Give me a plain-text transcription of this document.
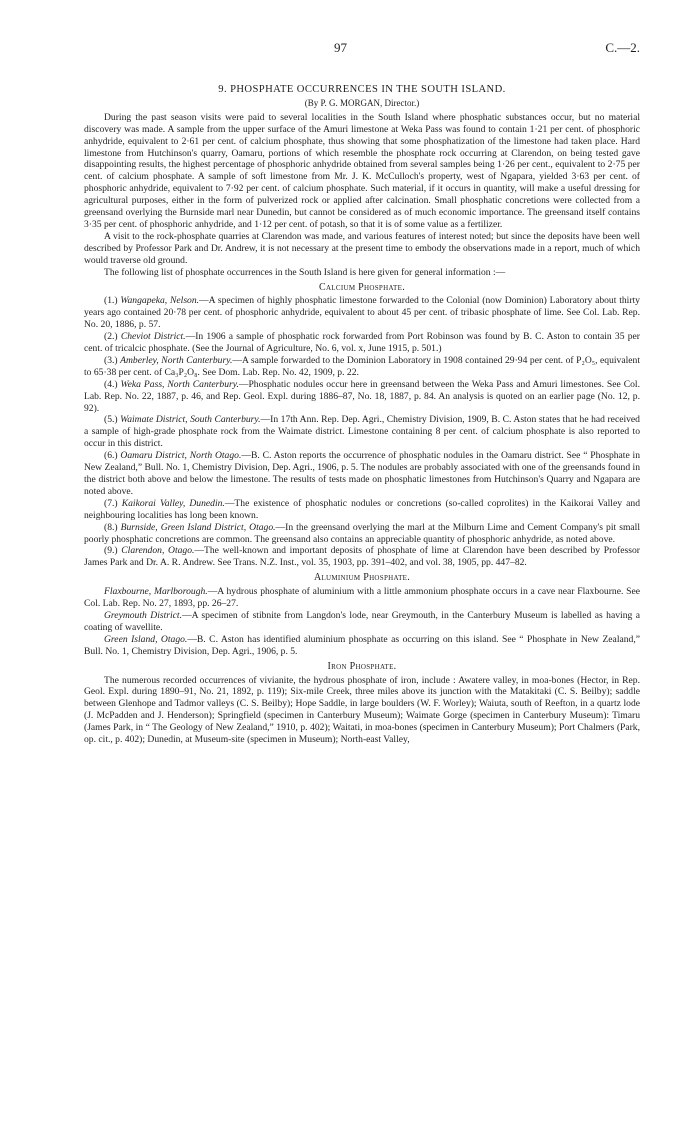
97	C.—2.
9. PHOSPHATE OCCURRENCES IN THE SOUTH ISLAND.
(By P. G. MORGAN, Director.)

During the past season visits were paid to several localities in the South Island where phosphatic substances occur, but no material discovery was made. A sample from the upper surface of the Amuri limestone at Weka Pass was found to contain 1·21 per cent. of phosphoric anhydride, equivalent to 2·61 per cent. of calcium phosphate, thus showing that some phosphatization of the limestone had taken place. Hard limestone from Hutchinson's quarry, Oamaru, portions of which resemble the phosphate rock occurring at Clarendon, on being tested gave disappointing results, the highest percentage of phosphoric anhydride obtained from several samples being 1·26 per cent., equivalent to 2·75 per cent. of calcium phosphate. A sample of soft limestone from Mr. J. K. McCulloch's property, west of Ngapara, yielded 3·63 per cent. of phosphoric anhydride, equivalent to 7·92 per cent. of calcium phosphate. Such material, if it occurs in quantity, will make a useful dressing for agricultural purposes, either in the form of pulverized rock or applied after calcination. Small phosphatic concretions were collected from a greensand overlying the Burnside marl near Dunedin, but cannot be considered as of much economic importance. The greensand itself contains 3·35 per cent. of phosphoric anhydride, and 1·12 per cent. of potash, so that it is of some value as a fertilizer.

A visit to the rock-phosphate quarries at Clarendon was made, and various features of interest noted; but since the deposits have been well described by Professor Park and Dr. Andrew, it is not necessary at the present time to embody the observations made in a report, much of which would traverse old ground.

The following list of phosphate occurrences in the South Island is here given for general information :—

Calcium Phosphate.

(1.) Wangapeka, Nelson.—A specimen of highly phosphatic limestone forwarded to the Colonial (now Dominion) Laboratory about thirty years ago contained 20·78 per cent. of phosphoric anhydride, equivalent to about 45 per cent. of tribasic phosphate of lime. See Col. Lab. Rep. No. 20, 1886, p. 57.

(2.) Cheviot District.—In 1906 a sample of phosphatic rock forwarded from Port Robinson was found by B. C. Aston to contain 35 per cent. of tricalcic phosphate. (See the Journal of Agriculture, No. 6, vol. x, June 1915, p. 501.)

(3.) Amberley, North Canterbury.—A sample forwarded to the Dominion Laboratory in 1908 contained 29·94 per cent. of P₂O₅, equivalent to 65·38 per cent. of Ca₃P₂O₈. See Dom. Lab. Rep. No. 42, 1909, p. 22.

(4.) Weka Pass, North Canterbury.—Phosphatic nodules occur here in greensand between the Weka Pass and Amuri limestones. See Col. Lab. Rep. No. 22, 1887, p. 46, and Rep. Geol. Expl. during 1886–87, No. 18, 1887, p. 84. An analysis is quoted on an earlier page (No. 12, p. 92).

(5.) Waimate District, South Canterbury.—In 17th Ann. Rep. Dep. Agri., Chemistry Division, 1909, B. C. Aston states that he had received a sample of high-grade phosphate rock from the Waimate district. Limestone containing 8 per cent. of calcium phosphate is also reported to occur in this district.

(6.) Oamaru District, North Otago.—B. C. Aston reports the occurrence of phosphatic nodules in the Oamaru district. See “ Phosphate in New Zealand,” Bull. No. 1, Chemistry Division, Dep. Agri., 1906, p. 5. The nodules are probably associated with one of the greensands found in the district both above and below the limestone. The results of tests made on phosphatic limestones from Hutchinson's Quarry and Ngapara are noted above.

(7.) Kaikorai Valley, Dunedin.—The existence of phosphatic nodules or concretions (so-called coprolites) in the Kaikorai Valley and neighbouring localities has long been known.

(8.) Burnside, Green Island District, Otago.—In the greensand overlying the marl at the Milburn Lime and Cement Company's pit small poorly phosphatic concretions are common. The greensand also contains an appreciable quantity of phosphoric anhydride, as noted above.

(9.) Clarendon, Otago.—The well-known and important deposits of phosphate of lime at Clarendon have been described by Professor James Park and Dr. A. R. Andrew. See Trans. N.Z. Inst., vol. 35, 1903, pp. 391–402, and vol. 38, 1905, pp. 447–82.

Aluminium Phosphate.

Flaxbourne, Marlborough.—A hydrous phosphate of aluminium with a little ammonium phosphate occurs in a cave near Flaxbourne. See Col. Lab. Rep. No. 27, 1893, pp. 26–27.

Greymouth District.—A specimen of stibnite from Langdon's lode, near Greymouth, in the Canterbury Museum is labelled as having a coating of wavellite.

Green Island, Otago.—B. C. Aston has identified aluminium phosphate as occurring on this island. See “ Phosphate in New Zealand,” Bull. No. 1, Chemistry Division, Dep. Agri., 1906, p. 5.

Iron Phosphate.

The numerous recorded occurrences of vivianite, the hydrous phosphate of iron, include : Awatere valley, in moa-bones (Hector, in Rep. Geol. Expl. during 1890–91, No. 21, 1892, p. 119); Six-mile Creek, three miles above its junction with the Matakitaki (C. S. Beilby); saddle between Glenhope and Tadmor valleys (C. S. Beilby); Hope Saddle, in large boulders (W. F. Worley); Waiuta, south of Reefton, in a quartz lode (J. McPadden and J. Henderson); Springfield (specimen in Canterbury Museum); Waimate Gorge (specimen in Canterbury Museum): Timaru (James Park, in “ The Geology of New Zealand,” 1910, p. 402); Waitati, in moa-bones (specimen in Canterbury Museum); Port Chalmers (Park, op. cit., p. 402); Dunedin, at Museum-site (specimen in Museum); North-east Valley,
